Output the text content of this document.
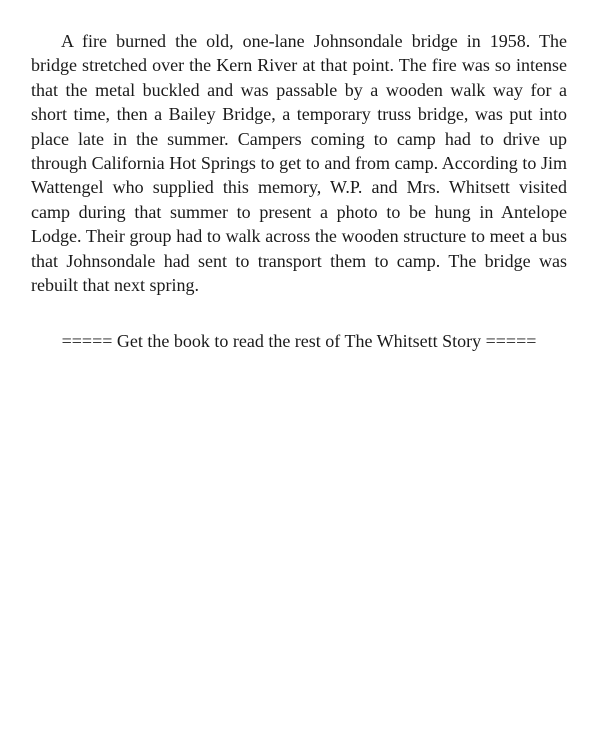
A fire burned the old, one-lane Johnsondale bridge in 1958. The bridge stretched over the Kern River at that point. The fire was so intense that the metal buckled and was passable by a wooden walk way for a short time, then a Bailey Bridge, a temporary truss bridge, was put into place late in the summer. Campers coming to camp had to drive up through California Hot Springs to get to and from camp. According to Jim Wattengel who supplied this memory, W.P. and Mrs. Whitsett visited camp during that summer to present a photo to be hung in Antelope Lodge. Their group had to walk across the wooden structure to meet a bus that Johnsondale had sent to transport them to camp. The bridge was rebuilt that next spring.

===== Get the book to read the rest of The Whitsett Story =====
